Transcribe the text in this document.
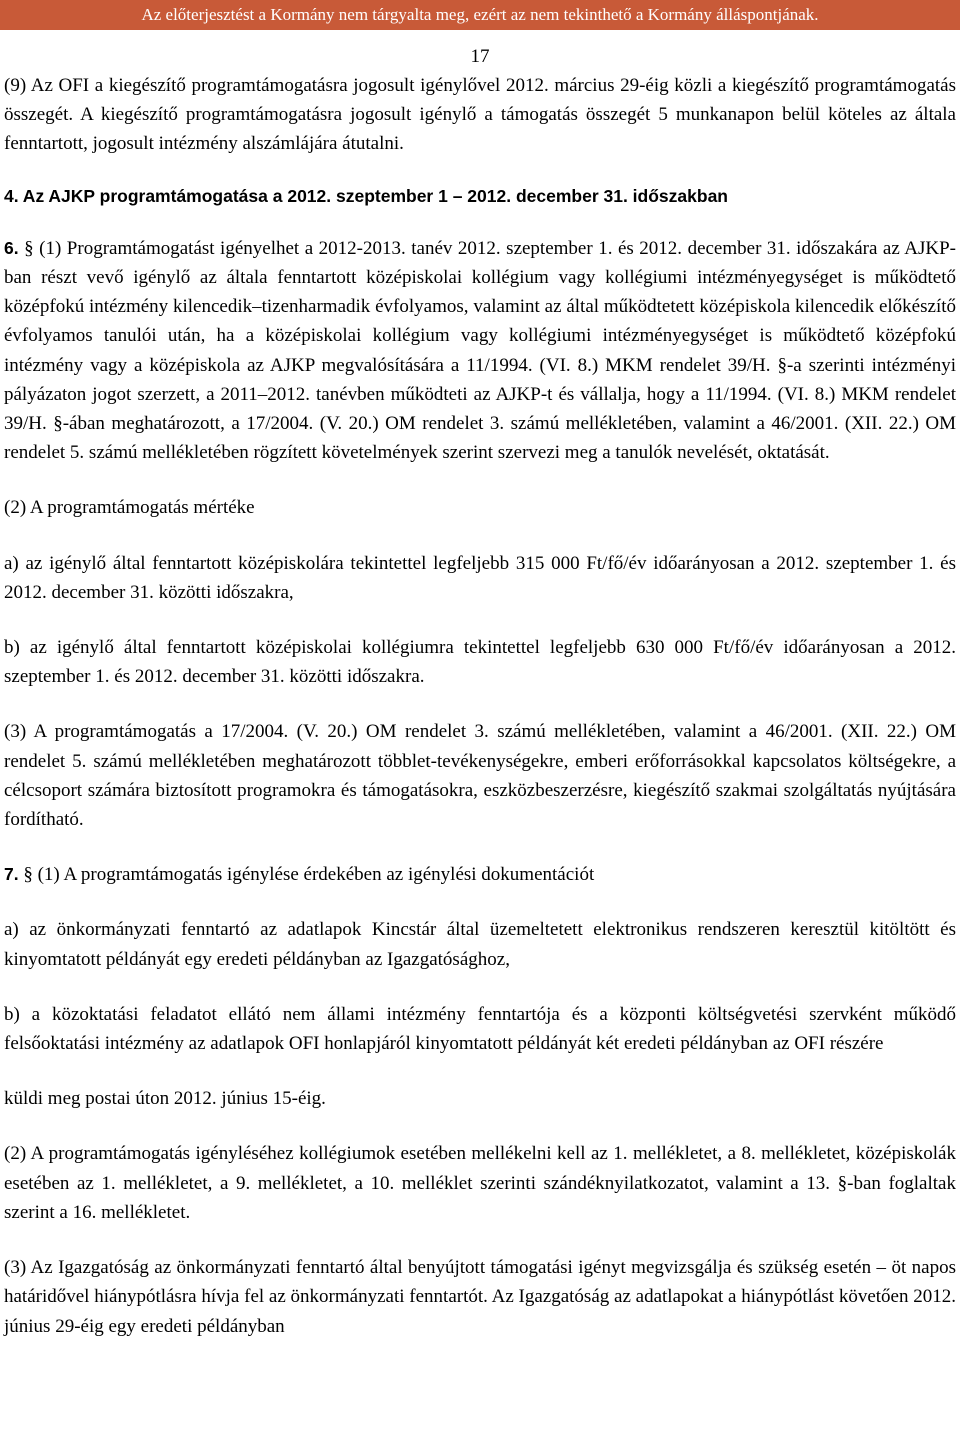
Az előterjesztést a Kormány nem tárgyalta meg, ezért az nem tekinthető a Kormány álláspontjának.
17

(9) Az OFI a kiegészítő programtámogatásra jogosult igénylővel 2012. március 29-éig közli a kiegészítő programtámogatás összegét. A kiegészítő programtámogatásra jogosult igénylő a támogatás összegét 5 munkanapon belül köteles az általa fenntartott, jogosult intézmény alszámlájára átutalni.

4. Az AJKP programtámogatása a 2012. szeptember 1 – 2012. december 31. időszakban

6. § (1) Programtámogatást igényelhet a 2012-2013. tanév 2012. szeptember 1. és 2012. december 31. időszakára az AJKP-ban részt vevő igénylő az általa fenntartott középiskolai kollégium vagy kollégiumi intézményegységet is működtető középfokú intézmény kilencedik–tizenharmadik évfolyamos, valamint az által működtetett középiskola kilencedik előkészítő évfolyamos tanulói után, ha a középiskolai kollégium vagy kollégiumi intézményegységet is működtető középfokú intézmény vagy a középiskola az AJKP megvalósítására a 11/1994. (VI. 8.) MKM rendelet 39/H. §-a szerinti intézményi pályázaton jogot szerzett, a 2011–2012. tanévben működteti az AJKP-t és vállalja, hogy a 11/1994. (VI. 8.) MKM rendelet 39/H. §-ában meghatározott, a 17/2004. (V. 20.) OM rendelet 3. számú mellékletében, valamint a 46/2001. (XII. 22.) OM rendelet 5. számú mellékletében rögzített követelmények szerint szervezi meg a tanulók nevelését, oktatását.

(2) A programtámogatás mértéke

a) az igénylő által fenntartott középiskolára tekintettel legfeljebb 315 000 Ft/fő/év időarányosan a 2012. szeptember 1. és 2012. december 31. közötti időszakra,

b) az igénylő által fenntartott középiskolai kollégiumra tekintettel legfeljebb 630 000 Ft/fő/év időarányosan a 2012. szeptember 1. és 2012. december 31. közötti időszakra.

(3) A programtámogatás a 17/2004. (V. 20.) OM rendelet 3. számú mellékletében, valamint a 46/2001. (XII. 22.) OM rendelet 5. számú mellékletében meghatározott többlet-tevékenységekre, emberi erőforrásokkal kapcsolatos költségekre, a célcsoport számára biztosított programokra és támogatásokra, eszközbeszerzésre, kiegészítő szakmai szolgáltatás nyújtására fordítható.

7. § (1) A programtámogatás igénylése érdekében az igénylési dokumentációt

a) az önkormányzati fenntartó az adatlapok Kincstár által üzemeltetett elektronikus rendszeren keresztül kitöltött és kinyomtatott példányát egy eredeti példányban az Igazgatósághoz,

b) a közoktatási feladatot ellátó nem állami intézmény fenntartója és a központi költségvetési szervként működő felsőoktatási intézmény az adatlapok OFI honlapjáról kinyomtatott példányát két eredeti példányban az OFI részére

küldi meg postai úton 2012. június 15-éig.

(2) A programtámogatás igényléséhez kollégiumok esetében mellékelni kell az 1. mellékletet, a 8. mellékletet, középiskolák esetében az 1. mellékletet, a 9. mellékletet, a 10. melléklet szerinti szándéknyilatkozatot, valamint a 13. §-ban foglaltak szerint a 16. mellékletet.

(3) Az Igazgatóság az önkormányzati fenntartó által benyújtott támogatási igényt megvizsgálja és szükség esetén – öt napos határidővel hiánypótlásra hívja fel az önkormányzati fenntartót. Az Igazgatóság az adatlapokat a hiánypótlást követően 2012. június 29-éig egy eredeti példányban
